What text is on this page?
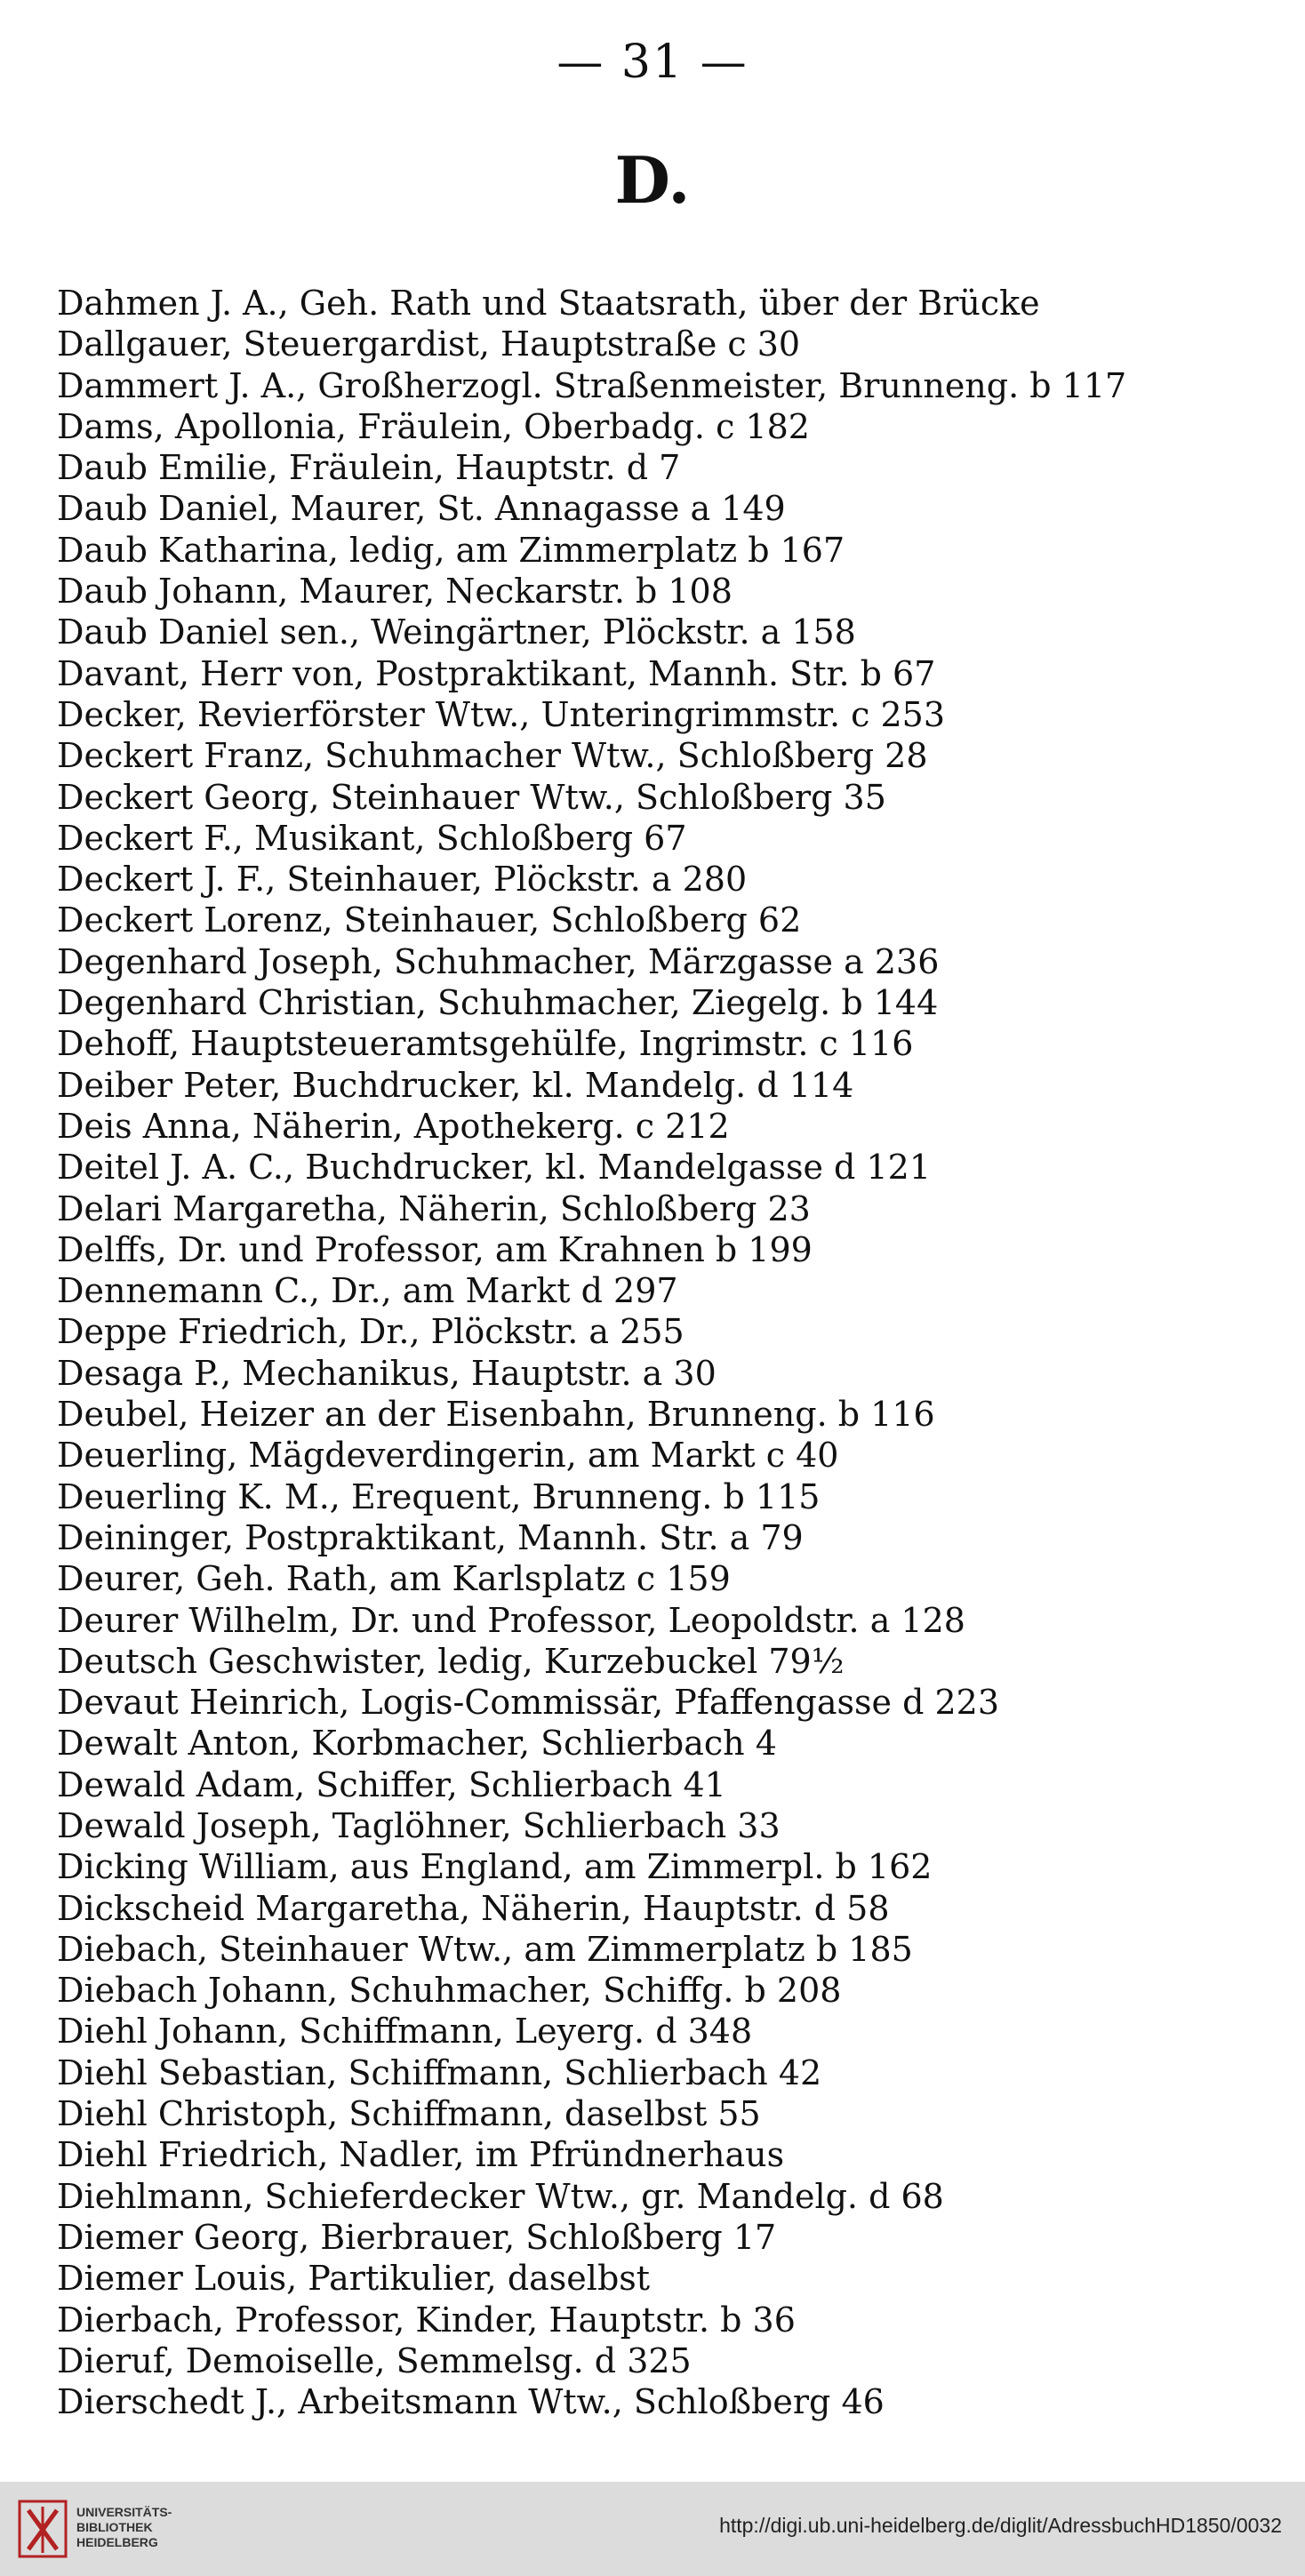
— 31 —
D.
Dahmen J. A., Geh. Rath und Staatsrath, über der Brücke
Dallgauer, Steuergardist, Hauptstraße c 30
Dammert J. A., Großherzogl. Straßenmeister, Brunneng. b 117
Dams, Apollonia, Fräulein, Oberbadg. c 182
Daub Emilie, Fräulein, Hauptstr. d 7
Daub Daniel, Maurer, St. Annagasse a 149
Daub Katharina, ledig, am Zimmerplatz b 167
Daub Johann, Maurer, Neckarstr. b 108
Daub Daniel sen., Weingärtner, Plöckstr. a 158
Davant, Herr von, Postpraktikant, Mannh. Str. b 67
Decker, Revierförster Wtw., Unteringrimmstr. c 253
Deckert Franz, Schuhmacher Wtw., Schloßberg 28
Deckert Georg, Steinhauer Wtw., Schloßberg 35
Deckert F., Musikant, Schloßberg 67
Deckert J. F., Steinhauer, Plöckstr. a 280
Deckert Lorenz, Steinhauer, Schloßberg 62
Degenhard Joseph, Schuhmacher, Märzgasse a 236
Degenhard Christian, Schuhmacher, Ziegelg. b 144
Dehoff, Hauptsteueramtsgehülfe, Ingrimstr. c 116
Deiber Peter, Buchdrucker, kl. Mandelg. d 114
Deis Anna, Näherin, Apothekerg. c 212
Deitel J. A. C., Buchdrucker, kl. Mandelgasse d 121
Delari Margaretha, Näherin, Schloßberg 23
Delffs, Dr. und Professor, am Krahnen b 199
Dennemann C., Dr., am Markt d 297
Deppe Friedrich, Dr., Plöckstr. a 255
Desaga P., Mechanikus, Hauptstr. a 30
Deubel, Heizer an der Eisenbahn, Brunneng. b 116
Deuerling, Mägdeverdingerin, am Markt c 40
Deuerling K. M., Erequent, Brunneng. b 115
Deininger, Postpraktikant, Mannh. Str. a 79
Deurer, Geh. Rath, am Karlsplatz c 159
Deurer Wilhelm, Dr. und Professor, Leopoldstr. a 128
Deutsch Geschwister, ledig, Kurzebuckel 79½
Devaut Heinrich, Logis-Commissär, Pfaffengasse d 223
Dewalt Anton, Korbmacher, Schlierbach 4
Dewald Adam, Schiffer, Schlierbach 41
Dewald Joseph, Taglöhner, Schlierbach 33
Dicking William, aus England, am Zimmerpl. b 162
Dickscheid Margaretha, Näherin, Hauptstr. d 58
Diebach, Steinhauer Wtw., am Zimmerplatz b 185
Diebach Johann, Schuhmacher, Schiffg. b 208
Diehl Johann, Schiffmann, Leyerg. d 348
Diehl Sebastian, Schiffmann, Schlierbach 42
Diehl Christoph, Schiffmann, daselbst 55
Diehl Friedrich, Nadler, im Pfründnerhaus
Diehlmann, Schieferdecker Wtw., gr. Mandelg. d 68
Diemer Georg, Bierbrauer, Schloßberg 17
Diemer Louis, Partikulier, daselbst
Dierbach, Professor, Kinder, Hauptstr. b 36
Dieruf, Demoiselle, Semmelsg. d 325
Dierschedt J., Arbeitsmann Wtw., Schloßberg 46
UNIVERSITÄTS-
BIBLIOTHEK
HEIDELBERG
http://digi.ub.uni-heidelberg.de/diglit/AdressbuchHD1850/0032
